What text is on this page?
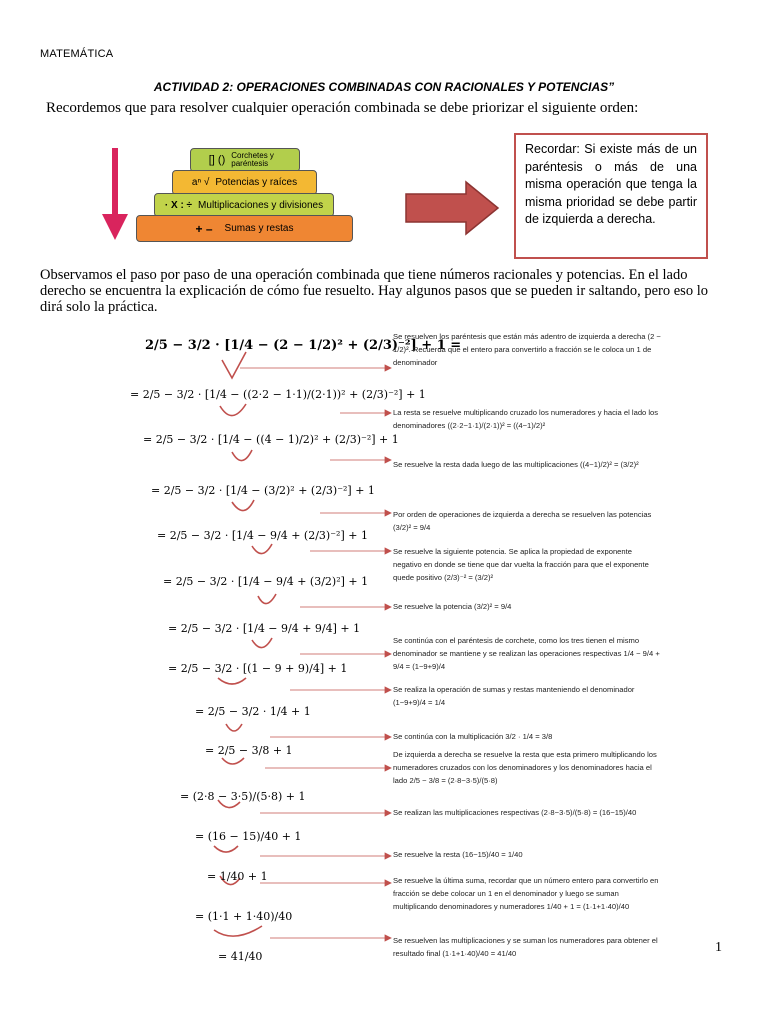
MATEMÁTICA
ACTIVIDAD 2: OPERACIONES COMBINADAS CON RACIONALES Y POTENCIAS”
Recordemos que para resolver cualquier operación combinada se debe priorizar el siguiente orden:
[] () Corchetes y paréntesis
aⁿ √ Potencias y raíces
· X : ÷ Multiplicaciones y divisiones
+ – Sumas y restas
Recordar: Si existe más de un paréntesis o más de una misma operación que tenga la misma prioridad se debe partir de izquierda a derecha.
Observamos el paso por paso de una operación combinada que tiene números racionales y potencias. En el lado derecho se encuentra la explicación de cómo fue resuelto. Hay algunos pasos que se pueden ir saltando, pero eso lo dirá solo la práctica.
2/5 − 3/2 · [1/4 − (2 − 1/2)² + (2/3)⁻²] + 1 =
= 2/5 − 3/2 · [1/4 − ((2·2 − 1·1)/(2·1))² + (2/3)⁻²] + 1
= 2/5 − 3/2 · [1/4 − ((4 − 1)/2)² + (2/3)⁻²] + 1
= 2/5 − 3/2 · [1/4 − (3/2)² + (2/3)⁻²] + 1
= 2/5 − 3/2 · [1/4 − 9/4 + (2/3)⁻²] + 1
= 2/5 − 3/2 · [1/4 − 9/4 + (3/2)²] + 1
= 2/5 − 3/2 · [1/4 − 9/4 + 9/4] + 1
= 2/5 − 3/2 · [(1 − 9 + 9)/4] + 1
= 2/5 − 3/2 · 1/4 + 1
= 2/5 − 3/8 + 1
= (2·8 − 3·5)/(5·8) + 1
= (16 − 15)/40 + 1
= 1/40 + 1
= (1·1 + 1·40)/40
= 41/40
Se resuelven los paréntesis que están más adentro de izquierda a derecha (2 − 1/2)². Recuerda que el entero para convertirlo a fracción se le coloca un 1 de denominador
La resta se resuelve multiplicando cruzado los numeradores y hacia el lado los denominadores ((2·2−1·1)/(2·1))² = ((4−1)/2)²
Se resuelve la resta dada luego de las multiplicaciones ((4−1)/2)² = (3/2)²
Por orden de operaciones de izquierda a derecha se resuelven las potencias (3/2)² = 9/4
Se resuelve la siguiente potencia. Se aplica la propiedad de exponente negativo en donde se tiene que dar vuelta la fracción para que el exponente quede positivo (2/3)⁻² = (3/2)²
Se resuelve la potencia (3/2)² = 9/4
Se continúa con el paréntesis de corchete, como los tres tienen el mismo denominador se mantiene y se realizan las operaciones respectivas 1/4 − 9/4 + 9/4 = (1−9+9)/4
Se realiza la operación de sumas y restas manteniendo el denominador (1−9+9)/4 = 1/4
Se continúa con la multiplicación 3/2 · 1/4 = 3/8
De izquierda a derecha se resuelve la resta que esta primero multiplicando los numeradores cruzados con los denominadores y los denominadores hacia el lado 2/5 − 3/8 = (2·8−3·5)/(5·8)
Se realizan las multiplicaciones respectivas (2·8−3·5)/(5·8) = (16−15)/40
Se resuelve la resta (16−15)/40 = 1/40
Se resuelve la última suma, recordar que un número entero para convertirlo en fracción se debe colocar un 1 en el denominador y luego se suman multiplicando denominadores y numeradores 1/40 + 1 = (1·1+1·40)/40
Se resuelven las multiplicaciones y se suman los numeradores para obtener el resultado final (1·1+1·40)/40 = 41/40	1
